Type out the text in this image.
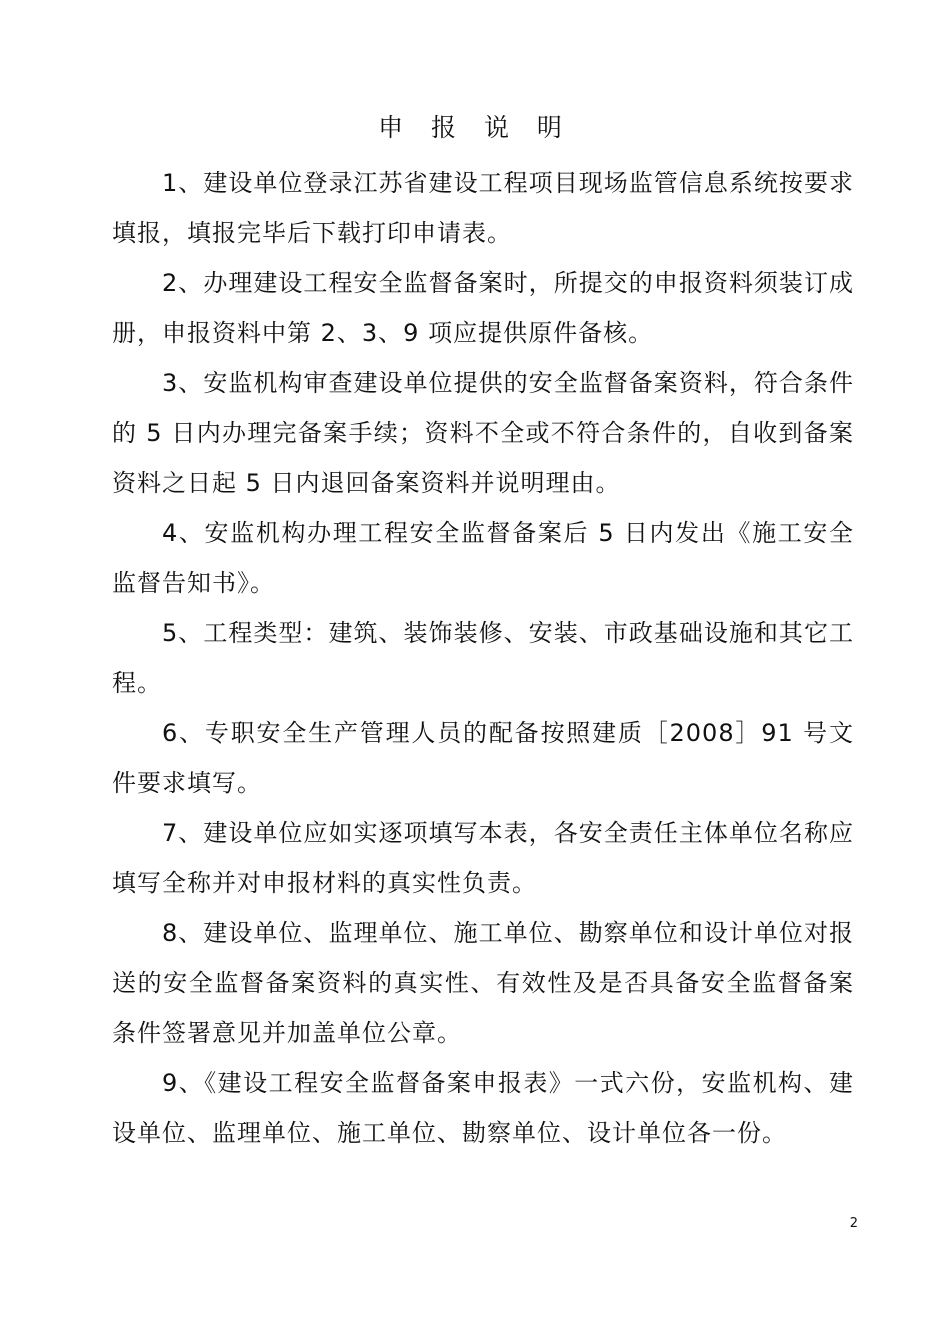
申 报 说 明

1、建设单位登录江苏省建设工程项目现场监管信息系统按要求填报，填报完毕后下载打印申请表。

2、办理建设工程安全监督备案时，所提交的申报资料须装订成册，申报资料中第 2、3、9 项应提供原件备核。

3、安监机构审查建设单位提供的安全监督备案资料，符合条件的 5 日内办理完备案手续；资料不全或不符合条件的，自收到备案资料之日起 5 日内退回备案资料并说明理由。

4、安监机构办理工程安全监督备案后 5 日内发出《施工安全监督告知书》。

5、工程类型：建筑、装饰装修、安装、市政基础设施和其它工程。

6、专职安全生产管理人员的配备按照建质［2008］91 号文件要求填写。

7、建设单位应如实逐项填写本表，各安全责任主体单位名称应填写全称并对申报材料的真实性负责。

8、建设单位、监理单位、施工单位、勘察单位和设计单位对报送的安全监督备案资料的真实性、有效性及是否具备安全监督备案条件签署意见并加盖单位公章。

9、《建设工程安全监督备案申报表》一式六份，安监机构、建设单位、监理单位、施工单位、勘察单位、设计单位各一份。

2
